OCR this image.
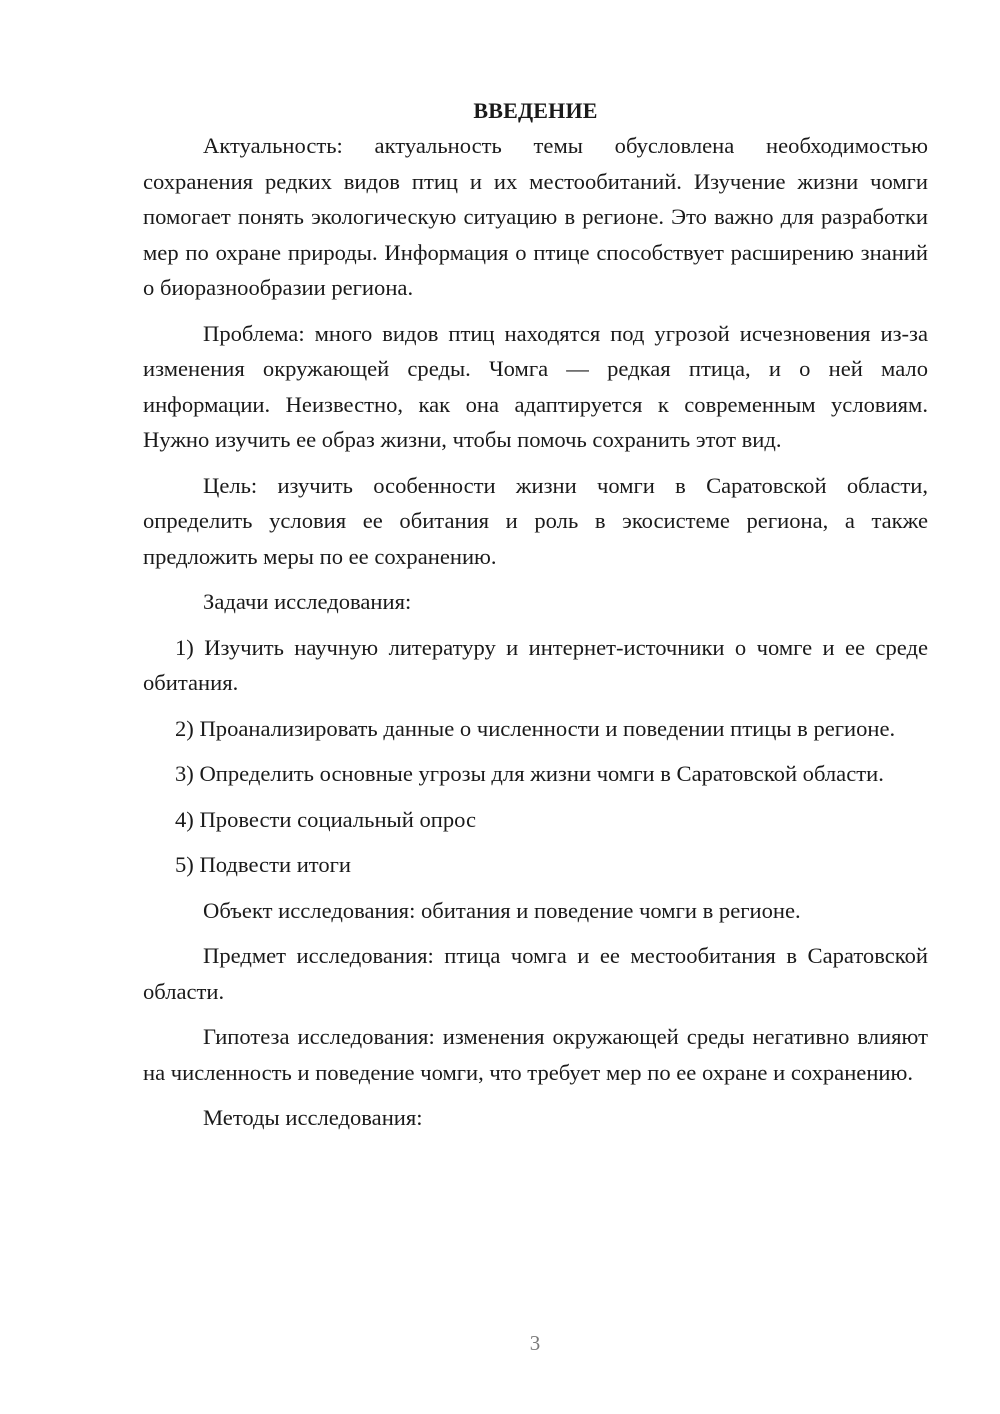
ВВЕДЕНИЕ

Актуальность: актуальность темы обусловлена необходимостью сохранения редких видов птиц и их местообитаний. Изучение жизни чомги помогает понять экологическую ситуацию в регионе. Это важно для разработки мер по охране природы. Информация о птице способствует расширению знаний о биоразнообразии региона.

Проблема: много видов птиц находятся под угрозой исчезновения из-за изменения окружающей среды. Чомга — редкая птица, и о ней мало информации. Неизвестно, как она адаптируется к современным условиям. Нужно изучить ее образ жизни, чтобы помочь сохранить этот вид.

Цель: изучить особенности жизни чомги в Саратовской области, определить условия ее обитания и роль в экосистеме региона, а также предложить меры по ее сохранению.

Задачи исследования:

1) Изучить научную литературу и интернет-источники о чомге и ее среде обитания.

2) Проанализировать данные о численности и поведении птицы в регионе.

3) Определить основные угрозы для жизни чомги в Саратовской области.

4) Провести социальный опрос

5) Подвести итоги

Объект исследования: обитания и поведение чомги в регионе.

Предмет исследования: птица чомга и ее местообитания в Саратовской области.

Гипотеза исследования: изменения окружающей среды негативно влияют на численность и поведение чомги, что требует мер по ее охране и сохранению.

Методы исследования:

3
